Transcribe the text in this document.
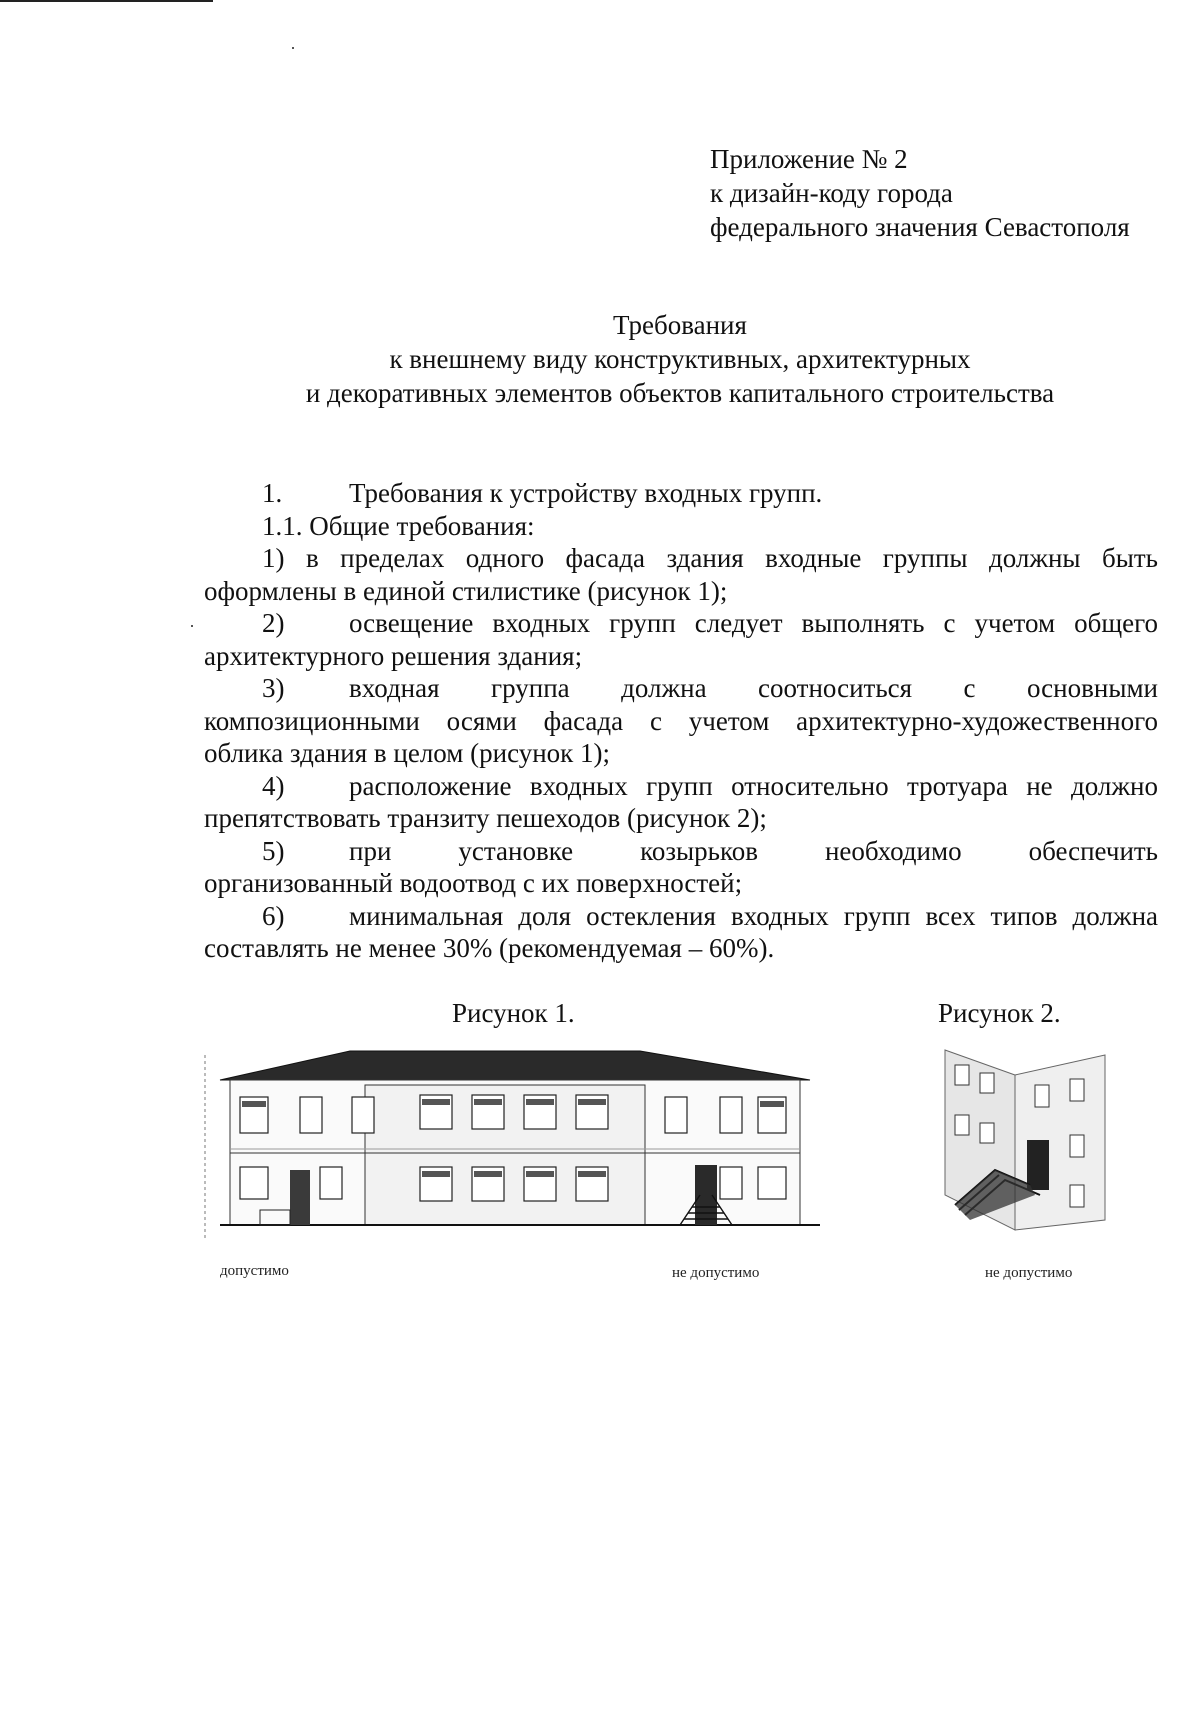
Приложение № 2
к дизайн-коду города
федерального значения Севастополя
Требования
к внешнему виду конструктивных, архитектурных
и декоративных элементов объектов капитального строительства

1. Требования к устройству входных групп.

1.1. Общие требования:

1) в пределах одного фасада здания входные группы должны быть

оформлены в единой стилистике (рисунок 1);

2) освещение входных групп следует выполнять с учетом общего

архитектурного решения здания;

3) входная группа должна соотноситься с основными

композиционными осями фасада с учетом архитектурно-художественного

облика здания в целом (рисунок 1);

4) расположение входных групп относительно тротуара не должно

препятствовать транзиту пешеходов (рисунок 2);

5) при установке козырьков необходимо обеспечить

организованный водоотвод с их поверхностей;

6) минимальная доля остекления входных групп всех типов должна

составлять не менее 30% (рекомендуемая – 60%).

Рисунок 1.	Рисунок 2.
допустимо	не допустимо	не допустимо
